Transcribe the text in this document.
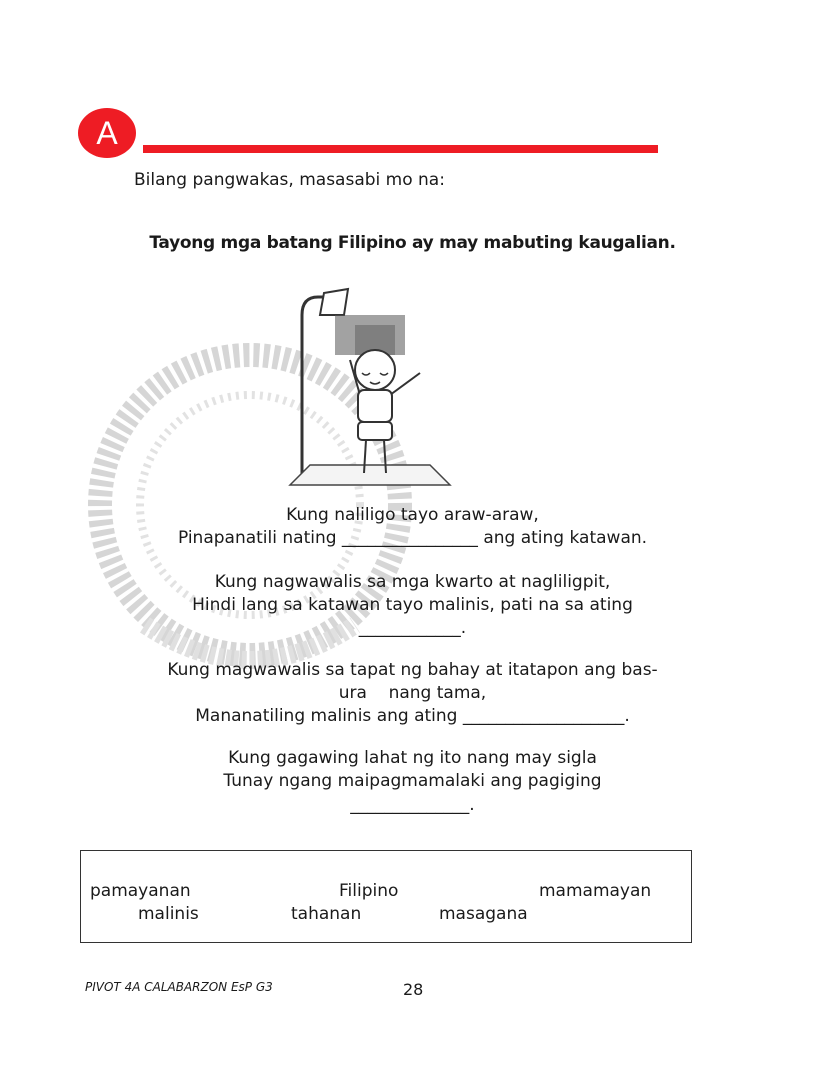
A
Bilang pangwakas, masasabi mo na:
Tayong mga batang Filipino ay may mabuting kaugalian.
Kung naliligo tayo araw-araw,
Pinapanatili nating ________________ ang ating katawan.
Kung nagwawalis sa mga kwarto at nagliligpit,
Hindi lang sa katawan tayo malinis, pati na sa ating
____________.
Kung magwawalis sa tapat ng bahay at itatapon ang bas-
ura    nang tama,
Mananatiling malinis ang ating ___________________.
Kung gagawing lahat ng ito nang may sigla
Tunay ngang maipagmamalaki ang pagiging
______________.
pamayanan	Filipino	mamamayan
malinis	tahanan	masagana
PIVOT 4A CALABARZON EsP G3	28
